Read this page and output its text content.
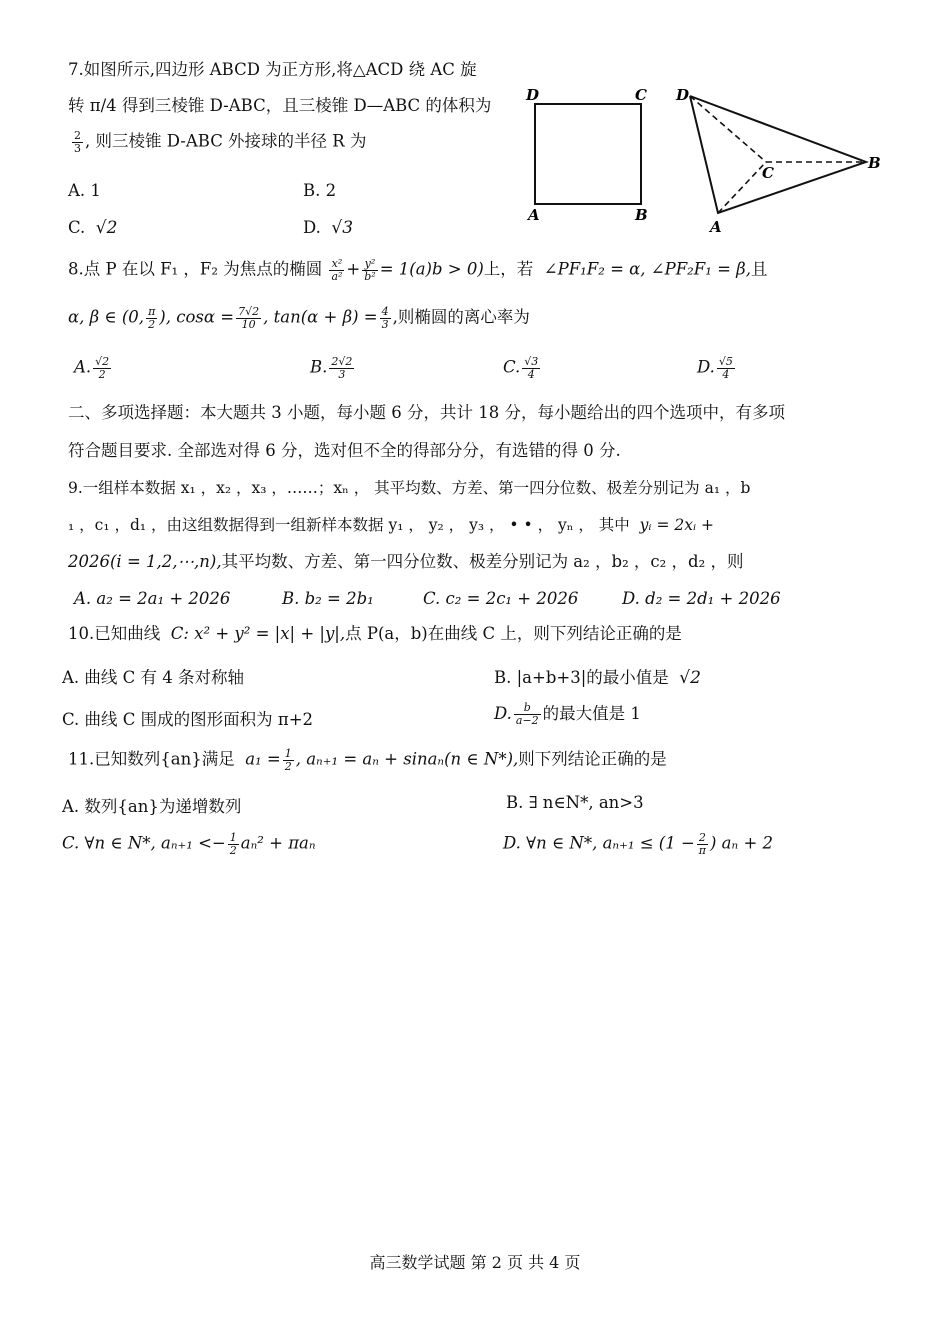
7.如图所示,四边形 ABCD 为正方形,将△ACD 绕 AC 旋
转 π/4 得到三棱锥 D-ABC，且三棱锥 D—ABC 的体积为
$\frac{2}{3}$ , 则三棱锥 D-ABC 外接球的半径 R 为
A. 1	B. 2
C. √2	D. √3
D	C
A	B
D
C
A
B
8.点 P 在以 F₁ ，F₂ 为焦点的椭圆 $\frac{\text{x²}}{\text{a²}} + \frac{\text{y²}}{\text{b²}} = 1(a)b > 0$)上，若 ∠PF₁F₂ = α, ∠PF₂F₁ = β,且
α, β ∈ (0, $\frac{\pi}{2}$ ), $\cos\alpha = \frac{7√2}{10}$ , $\tan(\alpha + \beta) = \frac{4}{3}$ ,则椭圆的离心率为
A. $\frac{√2}{2}$	B. $\frac{2√2}{3}$	C. $\frac{√3}{4}$	D. $\frac{√5}{4}$
二、多项选择题：本大题共 3 小题，每小题 6 分，共计 18 分，每小题给出的四个选项中，有多项
符合题目要求. 全部选对得 6 分，选对但不全的得部分分，有选错的得 0 分.
9.一组样本数据 x₁ ，x₂ ，x₃ ，……；xₙ ， 其平均数、方差、第一四分位数、极差分别记为 a₁ ，b
₁ ，c₁ ，d₁ ，由这组数据得到一组新样本数据 y₁ ， y₂ ， y₃ ， • • ， yₙ ， 其中 yᵢ = 2xᵢ +
2026(i = 1,2,⋯,n),其平均数、方差、第一四分位数、极差分别记为 a₂ ，b₂ ，c₂ ，d₂ ，则
A. a₂ = 2a₁ + 2026	B. b₂ = 2b₁	C. c₂ = 2c₁ + 2026	D. d₂ = 2d₁ + 2026
10.已知曲线 C: x² + y² = |x| + |y|,点 P(a，b)在曲线 C 上，则下列结论正确的是
A. 曲线 C 有 4 条对称轴	B. |a+b+3|的最小值是 √2
C. 曲线 C 围成的图形面积为 π+2	D. $\frac{b}{a-2}$ 的最大值是 1
11.已知数列{an}满足 $a_1 = \frac{1}{2}$ , aₙ₊₁ = aₙ + sinaₙ(n ∈ N*),则下列结论正确的是
A. 数列{an}为递增数列	B. ∃ n∈N*, an>3
C. ∀n ∈ N*, $a_{n+1} <- \frac{1}{2} a_n^2 + \pi a_n$	D. ∀n ∈ N*, $a_{n+1} \le (1 - \frac{2}{\pi}$ ) aₙ + 2
高三数学试题 第 2 页 共 4 页
